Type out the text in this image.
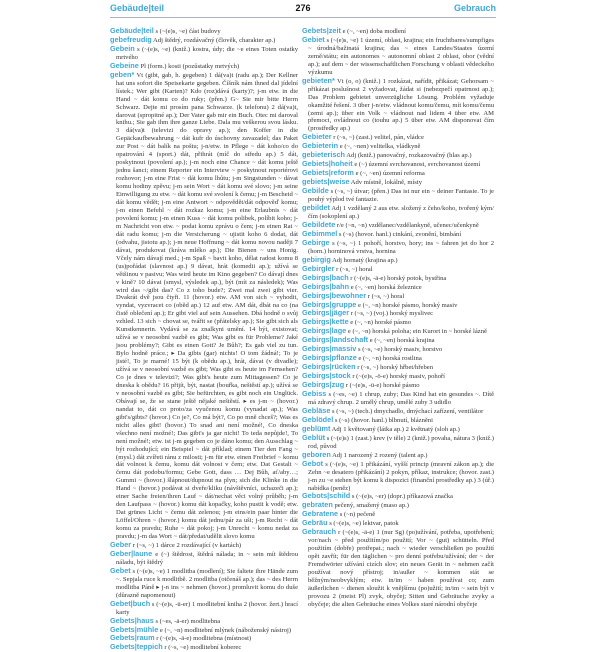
Gebäude|teil	276	Gebrauch

Gebäude|teil s (~(e)s, ~e) část budovy

gebefreudig Adj štědrý, rozdávačný (člověk, charakter ap.)

Gebein s (~(e)s, ~e) (kniž.) kostra, údy; die ~e eines Toten ostatky mrtvého

Gebeine Pl (form.) kosti (pozůstatky mrtvých)

geben* Vt (gibt, gab, h. gegeben) 1 dá(va)t (radu ap.); Der Kellner hat uns sofort die Speisekarte gegeben. Číšník nám ihned dal jídelní lístek.; Wer gibt (Karten)? Kdo (roz)dává (karty)?; j-m etw. in die Hand ~ dát komu co do ruky; (přen.) G~ Sie mir bitte Herrn Schwarz. Dejte mi prosím pana Schwarze. (k telefonu) 2 dá(va)t, darovat (spropitné ap.); Der Vater gab mir ein Buch. Otec mi daroval knihu.; Sie gab ihm ihre ganze Liebe. Dala mu veškerou svou lásku. 3 dá(va)t (televizi do opravy ap.); den Koffer in die Gepäckaufbewahrung ~ dát kufr do úschovny zavazadel; das Paket zur Post ~ dát balík na poštu; j-n/etw. in Pflege ~ dát koho/co do opatrování 4 (sport.) dát, přihrát (míč do středu ap.) 5 dát, poskytnout (povolení ap.); j-m noch eine Chance ~ dát komu ještě jednu šanci; einem Reporter ein Interview ~ poskytnout reportérovi rozhovor; j-m eine Frist ~ dát komu lhůtu; j-m Singstunden ~ dávat komu hodiny zpěvu; j-m sein Wort ~ dát komu své slovo; j-m seine Einwilligung zu etw. ~ dát komu své svolení k čemu; j-m Bescheid ~ dát komu vědět; j-m eine Antwort ~ odpovědět/dát odpověď komu; j-m einen Befehl ~ dát rozkaz komu; j-m eine Erlaubnis ~ dát povolení komu; j-m einen Kuss ~ dát komu polibek, políbit koho; j-m Nachricht von etw. ~ podat komu zprávu o čem; j-m einen Rat ~ dát radu komu; j-m die Versicherung ~ ujistit koho 6 dodat, dát (odvahu, jistotu ap.); j-m neue Hoffnung ~ dát komu novou naději 7 dávat, produkovat (kráva mléko ap.); Die Bienen ~ uns Honig. Včely nám dávají med.; j-m Spaß ~ bavit koho, dělat radost komu 8 (us)pořádat (slavnost ap.) 9 dávat, hrát (komedii ap.); užívá se většinou v pasivu; Was wird heute im Kino gegeben? Co dávají dnes v kině? 10 dávat (smysl, výsledek ap.), být (mít za následek); Was wird das ~/gibt das? Co z toho bude?; Zwei mal zwei gibt vier. Dvakrát dvě jsou čtyři. 11 (hovor.) etw. AM von sich ~ vyhodit, vyndat, vyzvracet co (oběd ap.) 12 auf etw. AM dát, dbát na co (na čistě oblečení ap.); Er gibt viel auf sein Aussehen. Dbá hodně o svůj vzhled. 13 sich ~ chovat se, tvářit se (přátelsky ap.); Sie gibt sich als Kunstkennerin. Vydává se za znalkyni umění. 14 být, existovat; užívá se v neosobní vazbě es gibt; Was gibt es für Probleme? Jaké jsou problémy?; Gibt es einen Gott? Je Bůh?; Es gab viel zu tun. Bylo hodně práce.; ▸ Da gibts (gar) nichts! O tom žádná!; To je jisté!, To je marné! 15 být (k obědu ap.), hrát, dávat (v divadle); užívá se v neosobní vazbě es gibt; Was gibt es heute im Fernsehen? Co je dnes v televizi?; Was gibt's heute zum Mittagessen? Co je dneska k obědu? 16 přijít, být, nastat (bouřka, neštěstí ap.); užívá se v neosobní vazbě es gibt; Sie befürchten, es gibt noch ein Unglück. Obávají se, že se stane ještě nějaké neštěstí. ▸ es j-m ~ (hovor.) nandat to, dát co proto/za vyučenou komu (vynadat ap.); Was gibt's/gibts? (hovor.) Co je?, Co má být?, Co po mně chceš?; Was es nicht alles gibt! (hovor.) To snad ani není možné!, Co dneska všechno není možné!; Das gibt's ja gar nicht! To teda nepůjde!, To není možné!; etw. ist j-m gegeben co je dáno komu; den Ausschlag ~ být rozhodující; ein Beispiel ~ dát příklad; einem Tier den Fang ~ (mysl.) dát zvířeti ránu z milosti; j-m für etw. einen Freibrief ~ komu dát volnost k čemu, komu dát volnost v čem; etw. Dat Gestalt ~ čemu dát podobu/formu; Gebe Gott, dass … Dej Bůh, ať/aby…; Gummi ~ (hovor.) šlápnout/dupnout na plyn; sich die Klinke in die Hand ~ (hovor.) podávat si dveře/kliku (návštěvníci, uchazeči ap.); einer Sache freien/ihren Lauf ~ dát/nechat věci volný průběh; j-m den Laufpass ~ (hovor.) komu dát kopačky, koho pustit k vodě; etw. Dat grünes Licht ~ čemu dát zelenou; j-m eins/ein paar hinter die Löffel/Ohren ~ (hovor.) komu dát jednu/pár za uši; j-m Recht ~ dát komu za pravdu; Ruhe ~ dát pokoj; j-m Unrecht ~ komu nedat za pravdu; j-m das Wort ~ dát/předat/udělit slovo komu

Geber r (~s, ~) 1 dárce 2 rozdávající (v kartách)

Geber|laune e (~) štědrost, štědrá nálada; in ~ sein mít štědrou náladu, být štědrý

Gebet s (~(e)s, ~e) 1 modlitba (modlení); Sie faltete ihre Hände zum ~. Sepjala ruce k modlitbě. 2 modlitba (otčenáš ap.); das ~ des Herrn modlitba Páně ▸ j-n ins ~ nehmen (hovor.) promluvit komu do duše (důrazně napomenout)

Gebet|buch s (~(e)s, -ü-er) 1 modlitební kniha 2 (hovor. žert.) hrací karty

Gebets|haus s (~es, -ä-er) modlitebna

Gebets|mühle e (~, ~n) modlitební mlýnek (náboženský nástroj)

Gebets|raum r (~(e)s, -ä-e) modlitebna (místnost)

Gebets|teppich r (~s, ~e) modlitební koberec

Gebets|zeit e (~, ~en) doba modlení

Gebiet s (~(e)s, ~e) 1 území, oblast, krajina; ein fruchtbares/sumpfiges ~ úrodná/bažinatá krajina; das ~ eines Landes/Staates území země/státu; ein autonomes ~ autonomní oblast 2 oblast, obor (vědní ap.); auf dem ~ der wissenschaftlichen Forschung v oblasti vědeckého výzkumu

gebieten* Vt (o, o) (kniž.) 1 rozkázat, nařídit, přikázat; Gehorsam ~ přikázat poslušnost 2 vyžadovat, žádat si (nebezpečí opatrnost ap.); Das Problem gebietet unverzügliche Lösung. Problém vyžaduje okamžité řešení. 3 über j-n/etw. vládnout komu/čemu, mít komu/čemu (zemi ap.); über ein Volk ~ vládnout nad lidem 4 über etw. AM přemoci, ovládnout co (touhu ap.) 5 über etw. AM disponovat čím (prostředky ap.)

Gebieter r (~s, ~) (zast.) velitel, pán, vládce

Gebieterin e (~, ~nen) velitelka, vládkyně

gebieterisch Adj (kniž.) panovačný, rozkazovačný (hlas ap.)

Gebiets|hoheit e (~) územní svrchovanost, svrchovanost území

Gebiets|reform e (~, ~en) územní reforma

gebiets|weise Adv místně, lokálně, místy

Gebilde s (~s, ~) útvar; (přen.) Das ist nur ein ~ deiner Fantasie. To je pouhý výplod tvé fantazie.

gebildet Adj 1 vzdělaný 2 aus etw. složený z čeho/koho, tvořený kým/čím (sokoplení ap.)

Gebildete r/e (~n, ~n) vzdělanec/vzdělankyně, učenec/učenkyně

Gebimmel s (~s) (hovor. hanl.) cinkání, zvonění, bimbání

Gebirge s (~s, ~) 1 pohoří, horstvo, hory; ins ~ fahren jet do hor 2 (horn.) horninová vrstva, hornina

gebirgig Adj hornatý (krajina ap.)

Gebirgler r (~s, ~) horal

Gebirgs|bach r (~(e)s, -ä-e) horský potok, bystřina

Gebirgs|bahn e (~, ~en) horská železnice

Gebirgs|bewohner r (~s, ~) horal

Gebirgs|gruppe e (~, ~n) horské pásmo, horský masiv

Gebirgs|jäger r (~s, ~) (voj.) horský myslivec

Gebirgs|kette e (~, ~n) horské pásmo

Gebirgs|lage e (~, ~n) horská poloha; ein Kurort in ~ horské lázně

Gebirgs|landschaft e (~, ~en) horská krajina

Gebirgs|massiv s (~s, ~e) horský masiv, horstvo

Gebirgs|pflanze e (~, ~n) horská rostlina

Gebirgs|rücken r (~s, ~) horský hřbet/hřeben

Gebirgs|stock r (~(e)s, -ö-e) horský masiv, pohoří

Gebirgs|zug r (~(e)s, -ü-e) horské pásmo

Gebiss s (~es, ~e) 1 chrup, zuby; Das Kind hat ein gesundes ~. Dítě má zdravý chrup. 2 umělý chrup, umělé zuby 3 udidlo

Gebläse s (~s, ~) (tech.) dmychadlo, dmýchací zařízení, ventilátor

Geblödel s (~s) (hovor. hanl.) blbnutí, blázněni

geblümt Adj 1 květovaný (látka ap.) 2 květnatý (sloh ap.)

Geblüt s (~(e)s) 1 (zast.) krev (v těle) 2 (kniž.) povaha, nátura 3 (kniž.) rod, původ

geboren Adj 1 narozený 2 rozený (talent ap.)

Gebot s (~(e)s, ~e) 1 přikázání, vyšší princip (mravní zákon ap.); die Zehn ~e desatero (přikázání) 2 pokyn, příkaz, instrukce; (hovor. zast.) j-m zu ~e stehen být komu k dispozici (finanční prostředky ap.) 3 (úř.) nabídka (peněz)

Gebots|schild s (~(e)s, ~er) (dopr.) příkazová značka

gebraten pečený, smažený (maso ap.)

Gebratene s (~n) pečeně

Gebräu s (~(e)s, ~e) lektvar, patok

Gebrauch r (~(e)s, -ä-e) 1 (nur Sg) (po)užívání, potřeba, upotřebení; vor/nach ~ před použitím/po použití; Vor ~ (gut) schütteln. Před použitím (dobře) protřepat.; nach ~ wieder verschließen po použití opět zavřít; für den täglichen ~ pro denní potřebu/užívání; der ~ der Fremdwörter užívání cizích slov; ein neues Gerät in ~ nehmen začít používat nový přístroj; in/außer ~ kommen stát se běžným/neobvyklým; etw. in/im ~ haben používat co; zum äußerlichen ~ dienen sloužit k vnějšímu (po)užití; in/im ~ sein být v provozu 2 (meist Pl) zvyk, obyčej; Sitten und Gebräuche zvyky a obyčeje; die alten Gebräuche eines Volkes staré národní obyčeje
